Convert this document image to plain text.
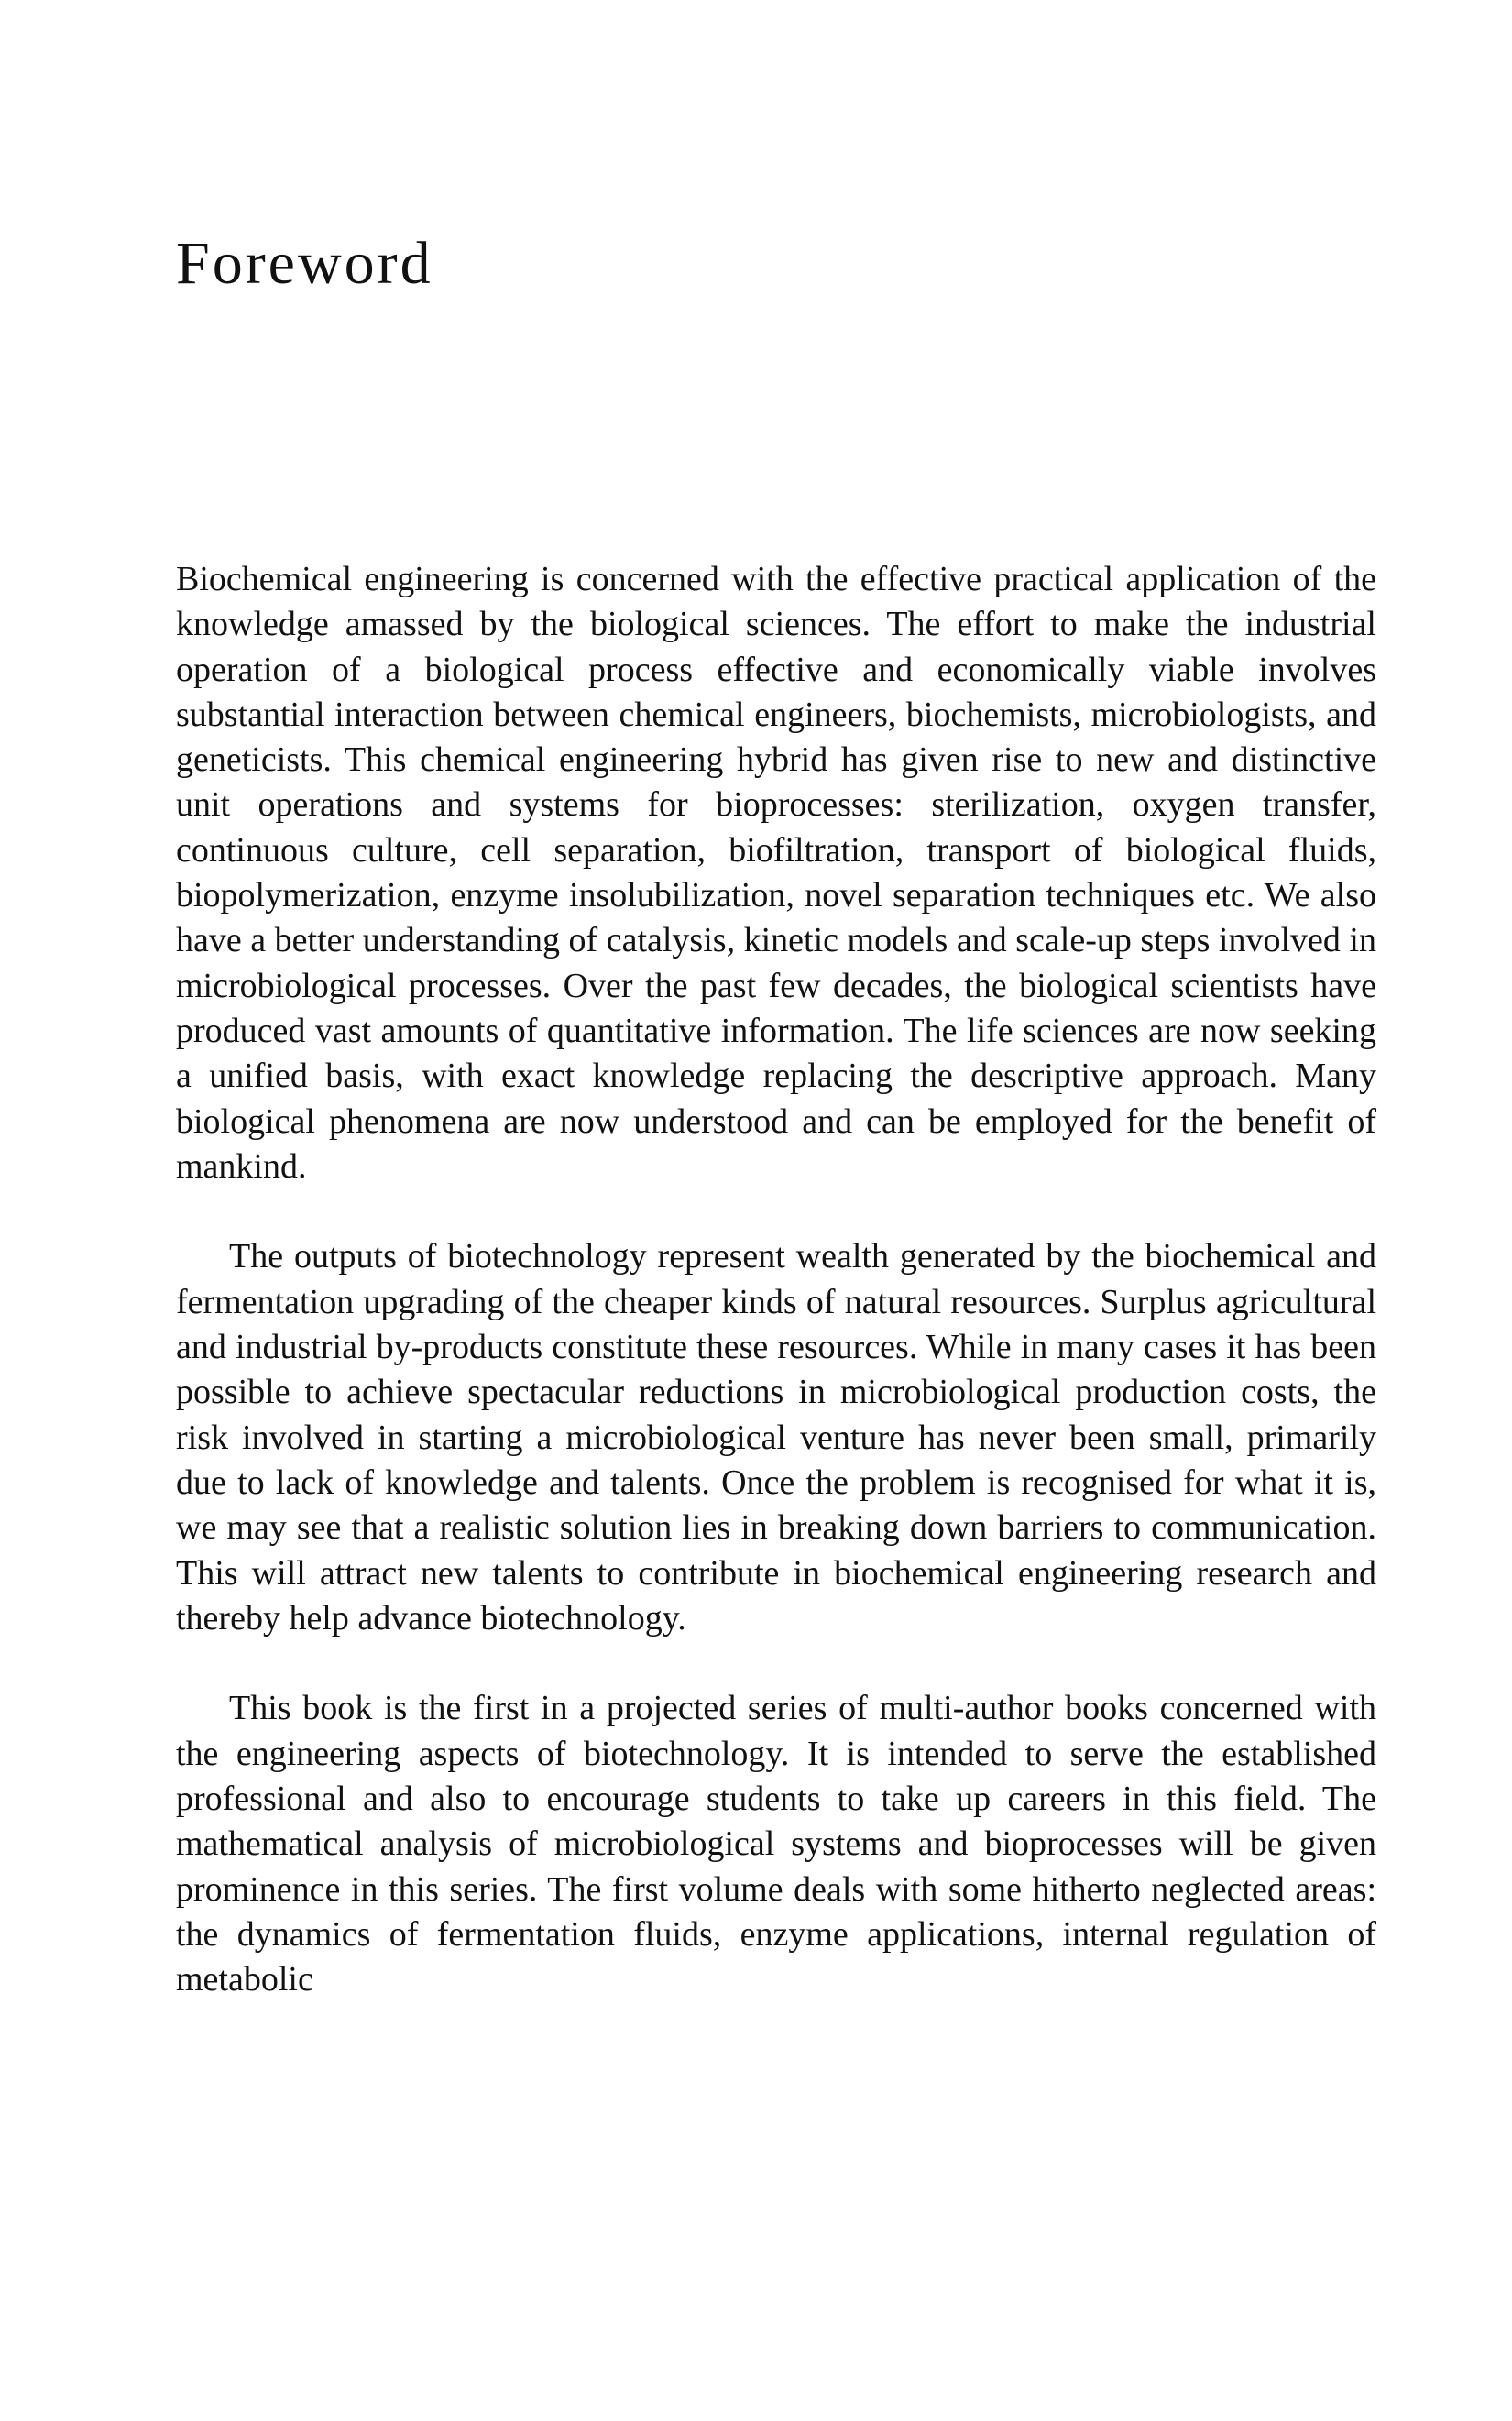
Foreword

Biochemical engineering is concerned with the effective practical application of the knowledge amassed by the biological sciences. The effort to make the industrial operation of a biological process effective and economically viable involves substantial interaction between chemical engineers, biochemists, microbiologists, and geneticists. This chemical engineering hybrid has given rise to new and distinctive unit operations and systems for bioprocesses: sterilization, oxygen transfer, continuous culture, cell separation, biofiltration, transport of biological fluids, biopolymerization, enzyme insolubilization, novel separation techniques etc. We also have a better understanding of catalysis, kinetic models and scale-up steps involved in microbiological processes. Over the past few decades, the biological scientists have produced vast amounts of quantitative information. The life sciences are now seeking a unified basis, with exact knowledge replacing the descriptive approach. Many biological phenomena are now understood and can be employed for the benefit of mankind.

The outputs of biotechnology represent wealth generated by the biochemical and fermentation upgrading of the cheaper kinds of natural resources. Surplus agricultural and industrial by-products constitute these resources. While in many cases it has been possible to achieve spectacular reductions in microbiological production costs, the risk involved in starting a microbiological venture has never been small, primarily due to lack of knowledge and talents. Once the problem is recognised for what it is, we may see that a realistic solution lies in breaking down barriers to communication. This will attract new talents to contribute in biochemical engineering research and thereby help advance biotechnology.

This book is the first in a projected series of multi-author books concerned with the engineering aspects of biotechnology. It is intended to serve the established professional and also to encourage students to take up careers in this field. The mathematical analysis of microbiological systems and bioprocesses will be given prominence in this series. The first volume deals with some hitherto neglected areas: the dynamics of fermentation fluids, enzyme applications, internal regulation of metabolic
